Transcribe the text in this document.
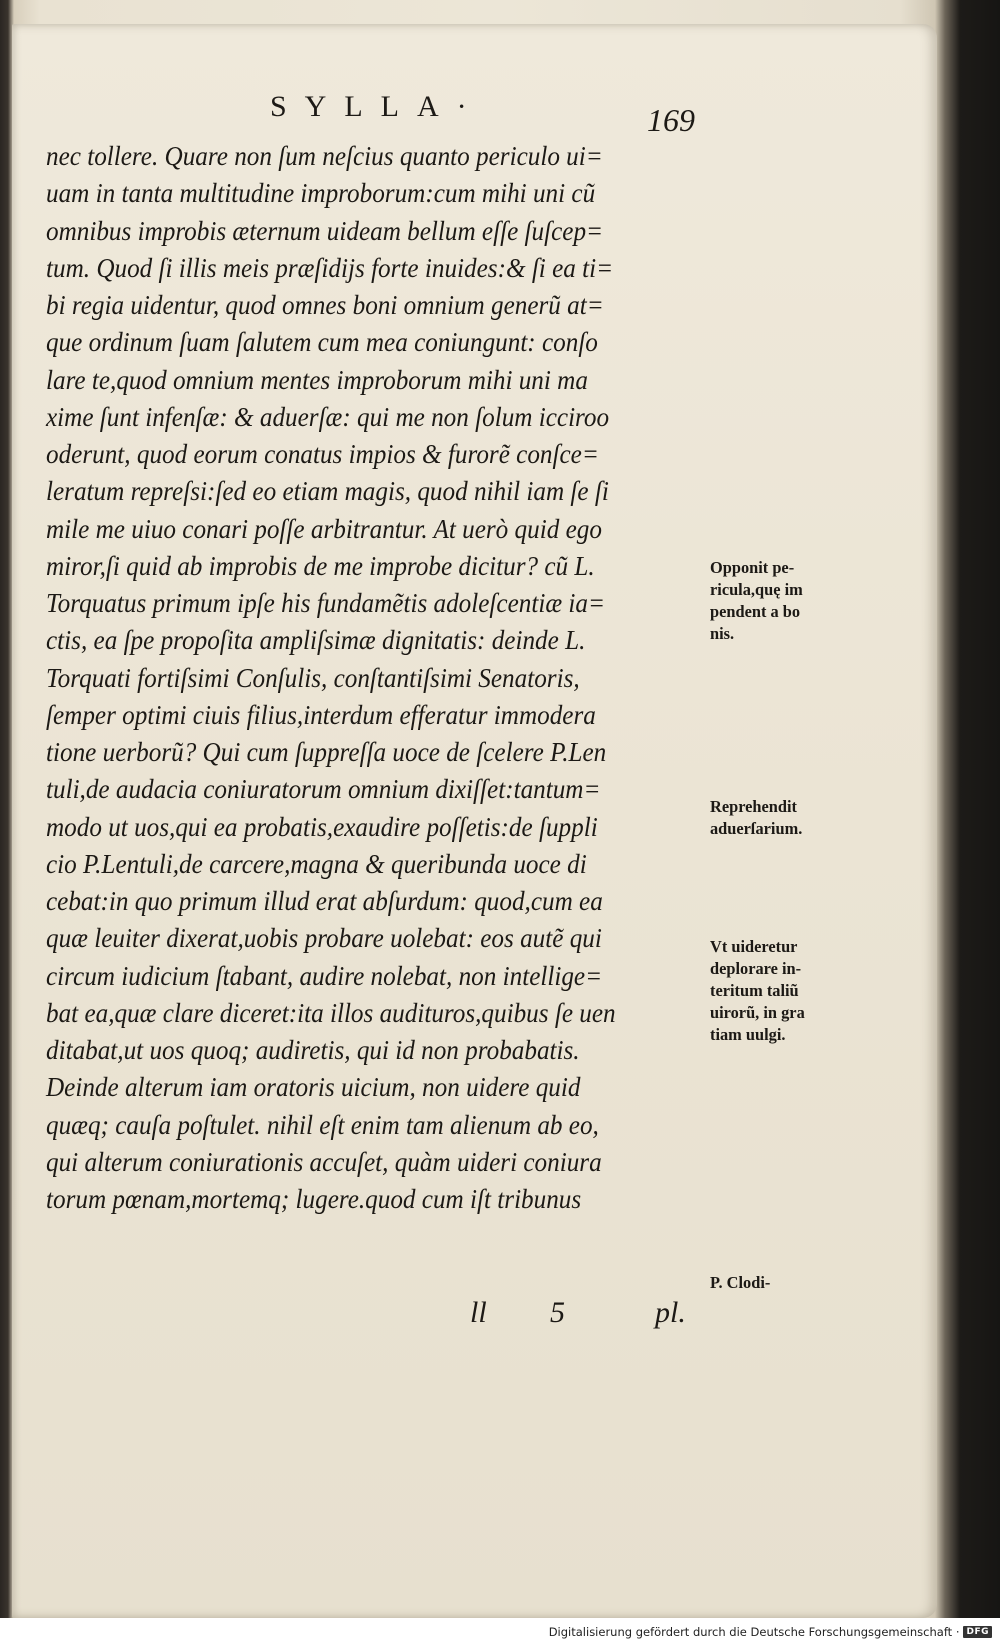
SYLLA·	169
nec tollere. Quare non ſum neſcius quanto periculo ui=
uam in tanta multitudine improborum:cum mihi uni cũ
omnibus improbis æternum uideam bellum eſſe ſuſcep=
tum. Quod ſi illis meis præſidijs forte inuides:& ſi ea ti=
bi regia uidentur, quod omnes boni omnium generũ at=
que ordinum ſuam ſalutem cum mea coniungunt: conſo
lare te,quod omnium mentes improborum mihi uni ma
xime ſunt infenſæ: & aduerſæ: qui me non ſolum icciroo
oderunt, quod eorum conatus impios & furorẽ conſce=
leratum repreſsi:ſed eo etiam magis, quod nihil iam ſe ſi
mile me uiuo conari poſſe arbitrantur. At uerò quid ego
miror,ſi quid ab improbis de me improbe dicitur? cũ L.
Torquatus primum ipſe his fundamẽtis adoleſcentiæ ia=
ctis, ea ſpe propoſita ampliſsimæ dignitatis: deinde L.
Torquati fortiſsimi Conſulis, conſtantiſsimi Senatoris,
ſemper optimi ciuis filius,interdum efferatur immodera
tione uerborũ? Qui cum ſuppreſſa uoce de ſcelere P.Len
tuli,de audacia coniuratorum omnium dixiſſet:tantum=
modo ut uos,qui ea probatis,exaudire poſſetis:de ſuppli
cio P.Lentuli,de carcere,magna & queribunda uoce di
cebat:in quo primum illud erat abſurdum: quod,cum ea
quæ leuiter dixerat,uobis probare uolebat: eos autẽ qui
circum iudicium ſtabant, audire nolebat, non intellige=
bat ea,quæ clare diceret:ita illos audituros,quibus ſe uen
ditabat,ut uos quoq; audiretis, qui id non probabatis.
Deinde alterum iam oratoris uicium, non uidere quid
quæq; cauſa poſtulet. nihil eſt enim tam alienum ab eo,
qui alterum coniurationis accuſet, quàm uideri coniura
torum pœnam,mortemq; lugere.quod cum iſt tribunus
Opponit pe-
ricula,quę im
pendent a bo
nis.
Reprehendit
aduerſarium.
Vt uideretur
deplorare in-
teritum taliũ
uirorũ, in gra
tiam uulgi.
P. Clodi-
ll 5	pl.
Digitalisierung gefördert durch die Deutsche Forschungsgemeinschaft · DFG
